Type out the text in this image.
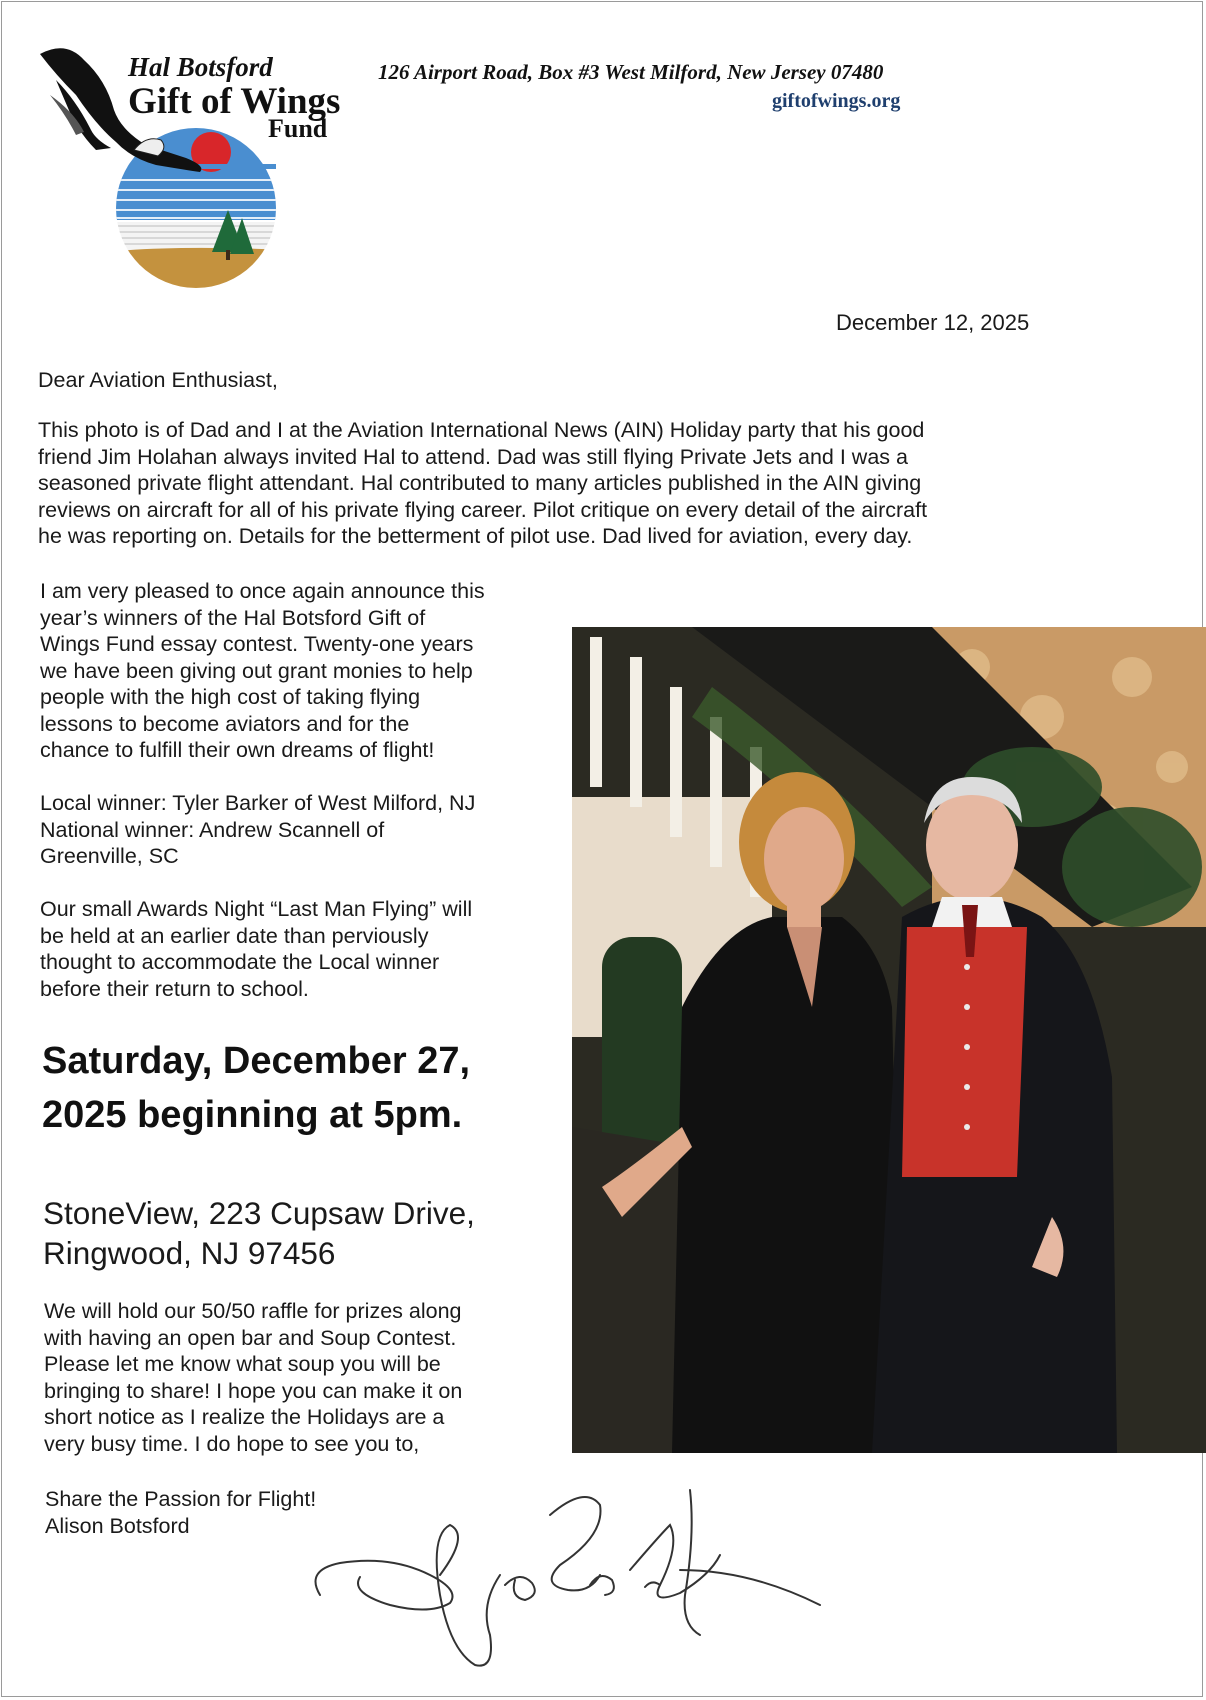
Hal Botsford
Gift of Wings
Fund
126 Airport Road, Box #3 West Milford, New Jersey 07480
giftofwings.org
December 12, 2025
Dear Aviation Enthusiast,
This photo is of Dad and I at the Aviation International News (AIN) Holiday party that his good
friend Jim Holahan always invited Hal to attend. Dad was still flying Private Jets and I was a
seasoned private flight attendant. Hal contributed to many articles published in the AIN giving
reviews on aircraft for all of his private flying career. Pilot critique on every detail of the aircraft
he was reporting on. Details for the betterment of pilot use. Dad lived for aviation, every day.
I am very pleased to once again announce this
year’s winners of the Hal Botsford Gift of
Wings Fund essay contest. Twenty-one years
we have been giving out grant monies to help
people with the high cost of taking flying
lessons to become aviators and for the
chance to fulfill their own dreams of flight!
Local winner: Tyler Barker of West Milford, NJ
National winner: Andrew Scannell of
Greenville, SC
Our small Awards Night “Last Man Flying” will
be held at an earlier date than perviously
thought to accommodate the Local winner
before their return to school.
Saturday, December 27,
2025 beginning at 5pm.
StoneView, 223 Cupsaw Drive,
Ringwood, NJ 97456
We will hold our 50/50 raffle for prizes along
with having an open bar and Soup Contest.
Please let me know what soup you will be
bringing to share! I hope you can make it on
short notice as I realize the Holidays are a
very busy time. I do hope to see you to,
Share the Passion for Flight!
Alison Botsford
